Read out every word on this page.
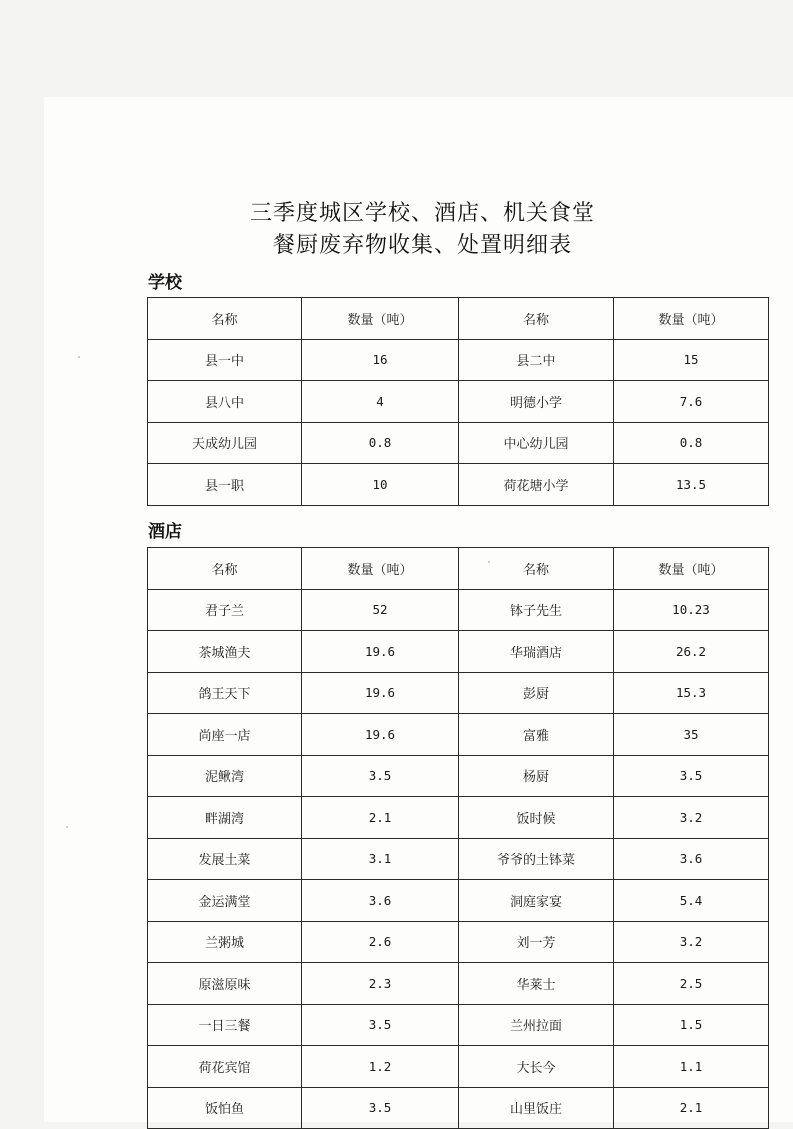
三季度城区学校、酒店、机关食堂
餐厨废弃物收集、处置明细表
学校
名称	数量（吨）	名称	数量（吨）
县一中	16	县二中	15
县八中	4	明德小学	7.6
天成幼儿园	0.8	中心幼儿园	0.8
县一职	10	荷花塘小学	13.5
酒店
名称	数量（吨）	名称	数量（吨）
君子兰	52	钵子先生	10.23
茶城渔夫	19.6	华瑞酒店	26.2
鸽王天下	19.6	彭厨	15.3
尚座一店	19.6	富雅	35
泥鳅湾	3.5	杨厨	3.5
畔湖湾	2.1	饭时候	3.2
发展土菜	3.1	爷爷的土钵菜	3.6
金运满堂	3.6	洞庭家宴	5.4
兰粥城	2.6	刘一芳	3.2
原滋原味	2.3	华莱士	2.5
一日三餐	3.5	兰州拉面	1.5
荷花宾馆	1.2	大长今	1.1
饭怕鱼	3.5	山里饭庄	2.1
